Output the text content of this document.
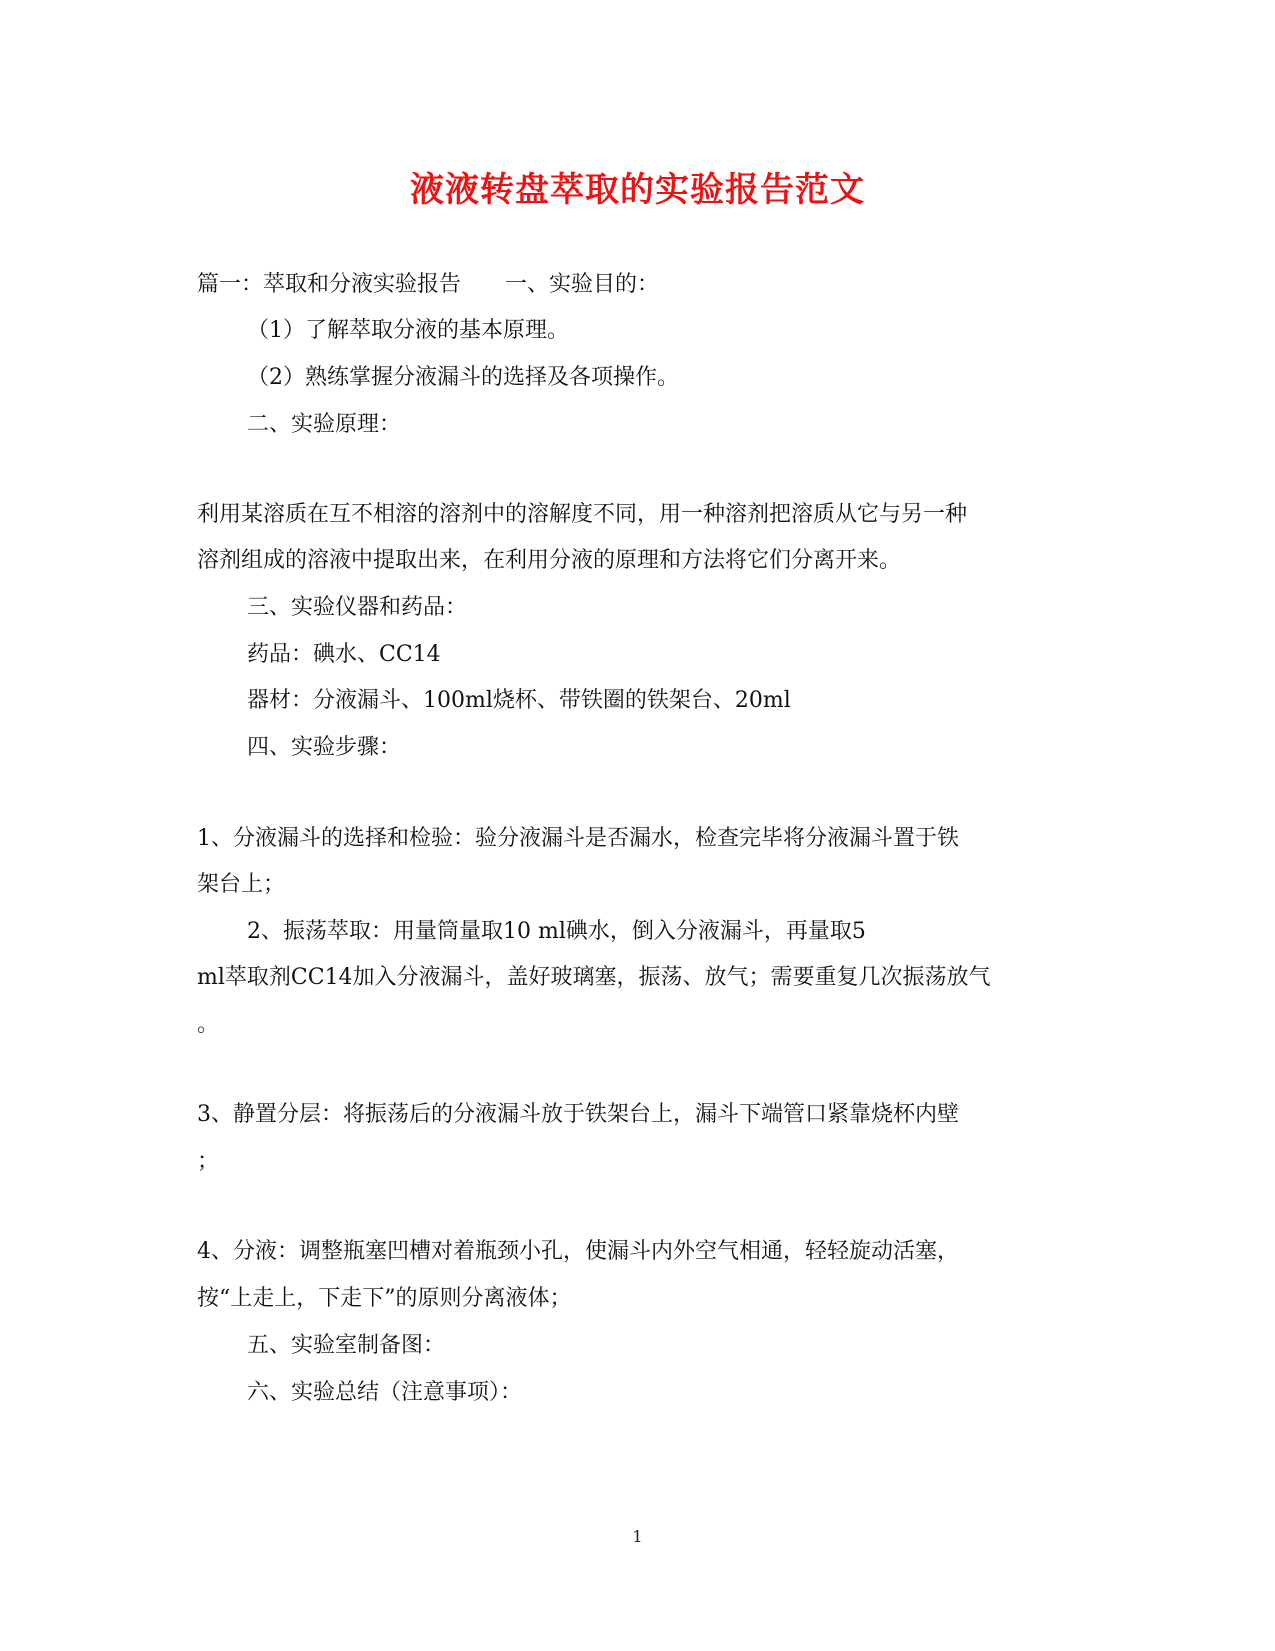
液液转盘萃取的实验报告范文
篇一：萃取和分液实验报告　　一、实验目的：
（1）了解萃取分液的基本原理。
（2）熟练掌握分液漏斗的选择及各项操作。
二、实验原理：
利用某溶质在互不相溶的溶剂中的溶解度不同，用一种溶剂把溶质从它与另一种
溶剂组成的溶液中提取出来，在利用分液的原理和方法将它们分离开来。
三、实验仪器和药品：
药品：碘水、CC14
器材：分液漏斗、100ml烧杯、带铁圈的铁架台、20ml
四、实验步骤：
1、分液漏斗的选择和检验：验分液漏斗是否漏水，检查完毕将分液漏斗置于铁
架台上；
2、振荡萃取：用量筒量取10 ml碘水，倒入分液漏斗，再量取5
ml萃取剂CC14加入分液漏斗，盖好玻璃塞，振荡、放气；需要重复几次振荡放气
。
3、静置分层：将振荡后的分液漏斗放于铁架台上，漏斗下端管口紧靠烧杯内壁
；
4、分液：调整瓶塞凹槽对着瓶颈小孔，使漏斗内外空气相通，轻轻旋动活塞，
按“上走上，下走下”的原则分离液体；
五、实验室制备图：
六、实验总结（注意事项）：
1
